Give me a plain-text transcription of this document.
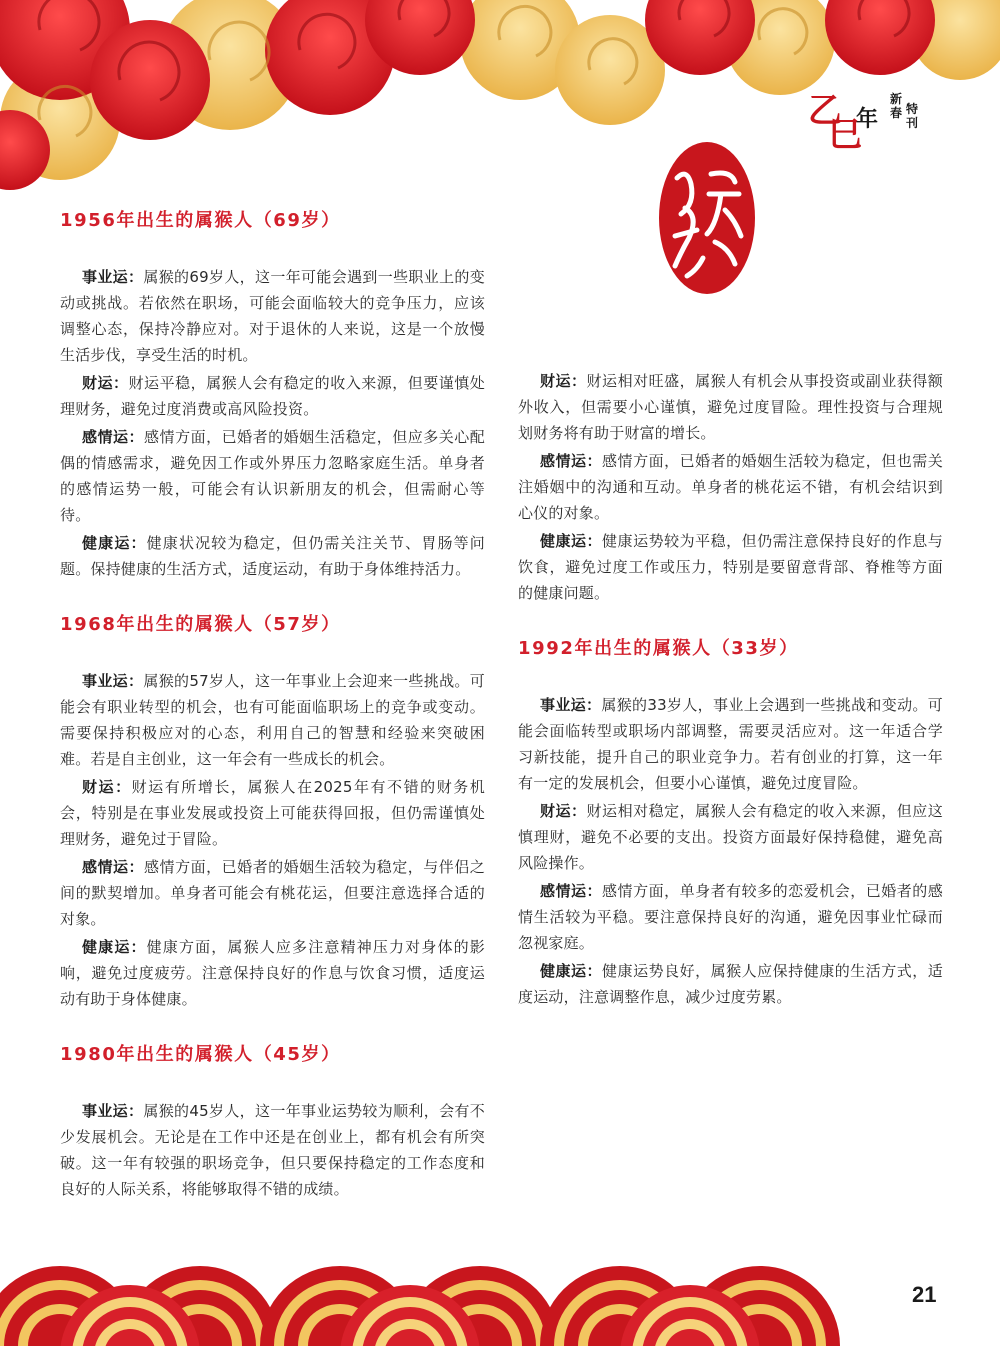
乙
巳
年
新春 特刊
1956年出生的属猴人（69岁）

事业运：属猴的69岁人，这一年可能会遇到一些职业上的变动或挑战。若依然在职场，可能会面临较大的竞争压力，应该调整心态，保持冷静应对。对于退休的人来说，这是一个放慢生活步伐，享受生活的时机。

财运：财运平稳，属猴人会有稳定的收入来源，但要谨慎处理财务，避免过度消费或高风险投资。

感情运：感情方面，已婚者的婚姻生活稳定，但应多关心配偶的情感需求，避免因工作或外界压力忽略家庭生活。单身者的感情运势一般，可能会有认识新朋友的机会，但需耐心等待。

健康运：健康状况较为稳定，但仍需关注关节、胃肠等问题。保持健康的生活方式，适度运动，有助于身体维持活力。

1968年出生的属猴人（57岁）

事业运：属猴的57岁人，这一年事业上会迎来一些挑战。可能会有职业转型的机会，也有可能面临职场上的竞争或变动。需要保持积极应对的心态，利用自己的智慧和经验来突破困难。若是自主创业，这一年会有一些成长的机会。

财运：财运有所增长，属猴人在2025年有不错的财务机会，特别是在事业发展或投资上可能获得回报，但仍需谨慎处理财务，避免过于冒险。

感情运：感情方面，已婚者的婚姻生活较为稳定，与伴侣之间的默契增加。单身者可能会有桃花运，但要注意选择合适的对象。

健康运：健康方面，属猴人应多注意精神压力对身体的影响，避免过度疲劳。注意保持良好的作息与饮食习惯，适度运动有助于身体健康。

1980年出生的属猴人（45岁）

事业运：属猴的45岁人，这一年事业运势较为顺利，会有不少发展机会。无论是在工作中还是在创业上，都有机会有所突破。这一年有较强的职场竞争，但只要保持稳定的工作态度和良好的人际关系，将能够取得不错的成绩。

财运：财运相对旺盛，属猴人有机会从事投资或副业获得额外收入，但需要小心谨慎，避免过度冒险。理性投资与合理规划财务将有助于财富的增长。

感情运：感情方面，已婚者的婚姻生活较为稳定，但也需关注婚姻中的沟通和互动。单身者的桃花运不错，有机会结识到心仪的对象。

健康运：健康运势较为平稳，但仍需注意保持良好的作息与饮食，避免过度工作或压力，特别是要留意背部、脊椎等方面的健康问题。

1992年出生的属猴人（33岁）

事业运：属猴的33岁人，事业上会遇到一些挑战和变动。可能会面临转型或职场内部调整，需要灵活应对。这一年适合学习新技能，提升自己的职业竞争力。若有创业的打算，这一年有一定的发展机会，但要小心谨慎，避免过度冒险。

财运：财运相对稳定，属猴人会有稳定的收入来源，但应这慎理财，避免不必要的支出。投资方面最好保持稳健，避免高风险操作。

感情运：感情方面，单身者有较多的恋爱机会，已婚者的感情生活较为平稳。要注意保持良好的沟通，避免因事业忙碌而忽视家庭。

健康运：健康运势良好，属猴人应保持健康的生活方式，适度运动，注意调整作息，减少过度劳累。

21
